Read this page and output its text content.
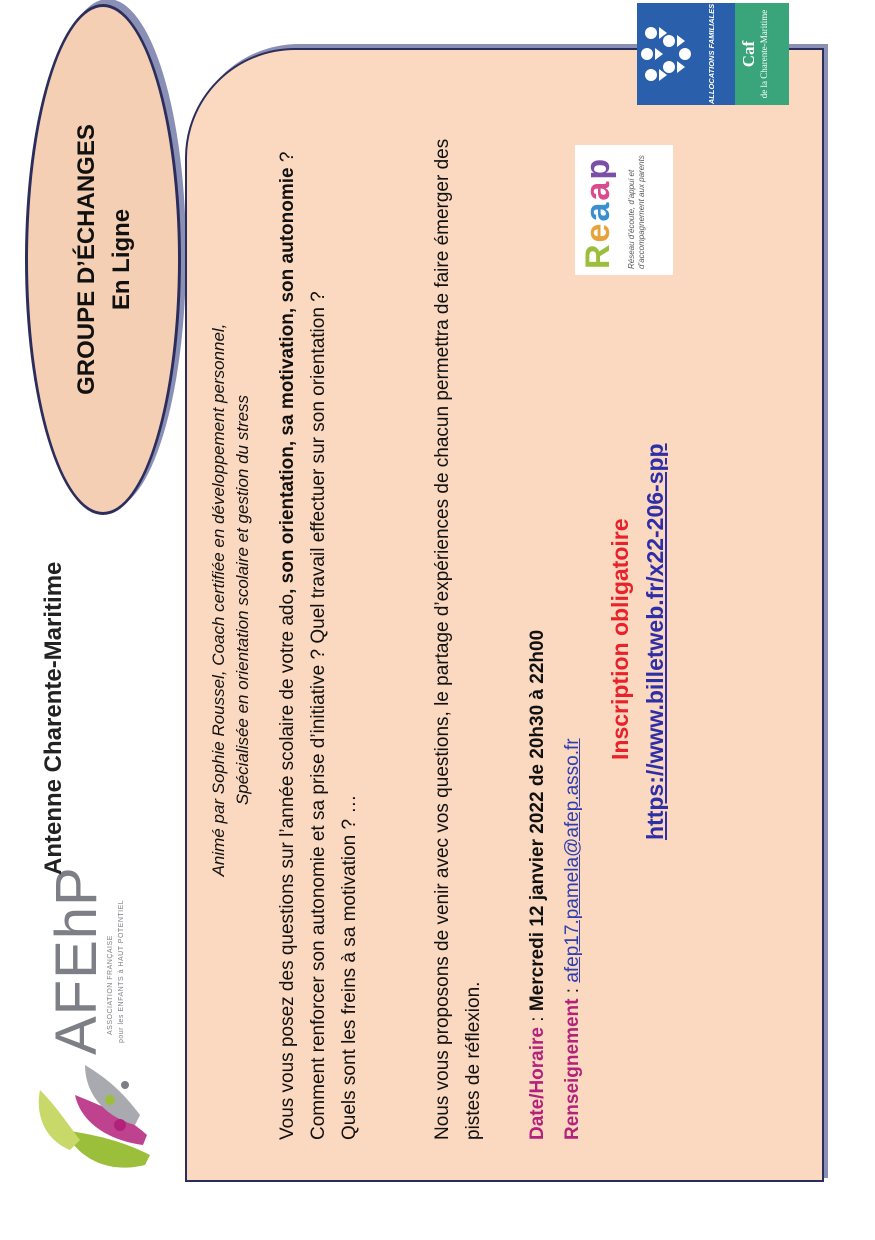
AFEhP
ASSOCIATION FRANÇAISE pour les ENFANTS à HAUT POTENTIEL
Antenne Charente-Maritime
GROUPE D’ÉCHANGES En Ligne
Animé par Sophie Roussel, Coach certifiée en développement personnel, Spécialisée en orientation scolaire et gestion du stress Vous vous posez des questions sur l’année scolaire de votre ado, son orientation, sa motivation, son autonomie ?
Comment renforcer son autonomie et sa prise d’initiative ? Quel travail effectuer sur son orientation ? Quels sont les freins à sa motivation ? …	Nous vous proposons de venir avec vos questions, le partage d’expériences de chacun permettra de faire émerger des pistes de réflexion. Date/Horaire : Mercredi 12 janvier 2022 de 20h30 à 22h00
Renseignement : afep17.pamela@afep.asso.fr
Inscription obligatoire https://www.billetweb.fr/x22-206-spp
Reaap
Réseau d’écoute, d’appui et d’accompagnement aux parents
ALLOCATIONS FAMILIALES	Caf de la Charente-Maritime
